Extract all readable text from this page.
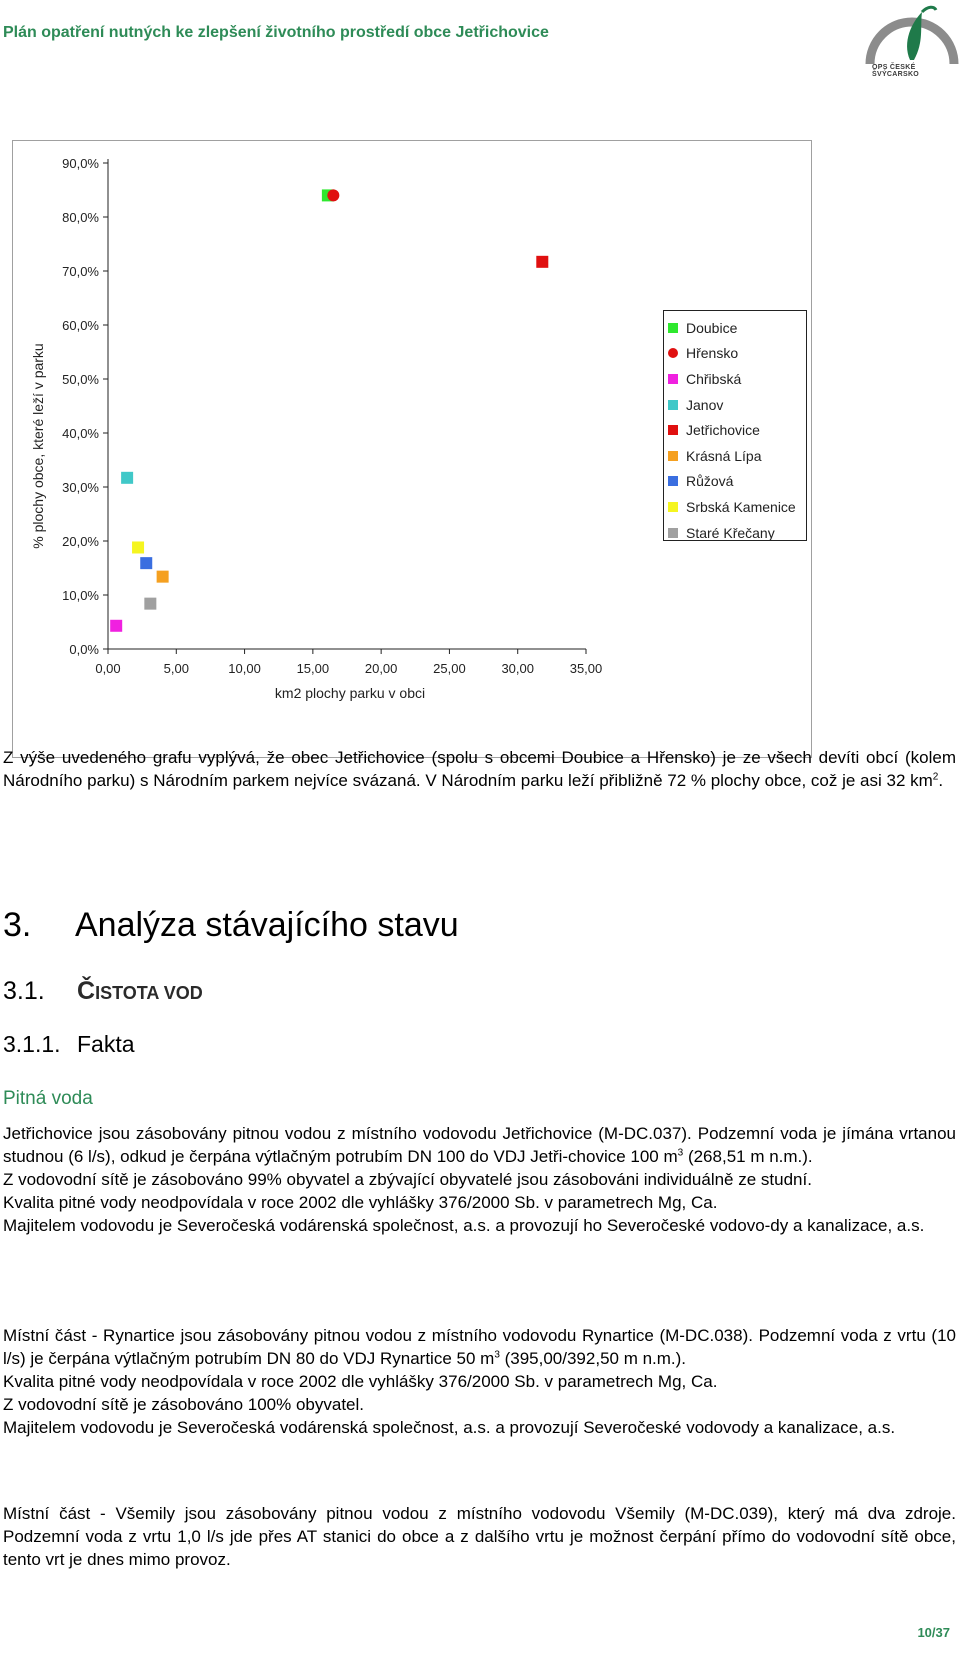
Plán opatření nutných ke zlepšení životního prostředí obce Jetřichovice
OPS ČESKÉ ŠVÝCARSKO
% plochy obce, které leží v parku
km2 plochy parku v obci
0,0%
10,0%
20,0%
30,0%
40,0%
50,0%
60,0%
70,0%
80,0%
90,0%
0,00	5,00	10,00	15,00	20,00	25,00	30,00	35,00
Doubice
Hřensko
Chřibská
Janov
Jetřichovice
Krásná Lípa
Růžová
Srbská Kamenice
Staré Křečany

Z výše uvedeného grafu vyplývá, že obec Jetřichovice (spolu s obcemi Doubice a Hřensko) je ze všech devíti obcí (kolem Národního parku) s Národním parkem nejvíce svázaná. V Národním parku leží přibližně 72 % plochy obce, což je asi 32 $km^2$.

3. Analýza stávajícího stavu
3.1. ČISTOTA VOD
3.1.1. Fakta
Pitná voda

Jetřichovice jsou zásobovány pitnou vodou z místního vodovodu Jetřichovice (M-DC.037). Podzemní voda je jímána vrtanou studnou (6 l/s), odkud je čerpána výtlačným potrubím DN 100 do VDJ Jetři-chovice 100 $m^3$ (268,51 m n.m.).

Z vodovodní sítě je zásobováno 99% obyvatel a zbývající obyvatelé jsou zásobováni individuálně ze studní.

Kvalita pitné vody neodpovídala v roce 2002 dle vyhlášky 376/2000 Sb. v parametrech Mg, Ca.

Majitelem vodovodu je Severočeská vodárenská společnost, a.s. a provozují ho Severočeské vodovo-dy a kanalizace, a.s.

Místní část - Rynartice jsou zásobovány pitnou vodou z místního vodovodu Rynartice (M-DC.038). Podzemní voda z vrtu (10 l/s) je čerpána výtlačným potrubím DN 80 do VDJ Rynartice 50 $m^3$ (395,00/392,50 m n.m.).

Kvalita pitné vody neodpovídala v roce 2002 dle vyhlášky 376/2000 Sb. v parametrech Mg, Ca.

Z vodovodní sítě je zásobováno 100% obyvatel.

Majitelem vodovodu je Severočeská vodárenská společnost, a.s. a provozují Severočeské vodovody a kanalizace, a.s.

Místní část - Všemily jsou zásobovány pitnou vodou z místního vodovodu Všemily (M-DC.039), který má dva zdroje. Podzemní voda z vrtu 1,0 l/s jde přes AT stanici do obce a z dalšího vrtu je možnost čerpání přímo do vodovodní sítě obce, tento vrt je dnes mimo provoz.

10/37
